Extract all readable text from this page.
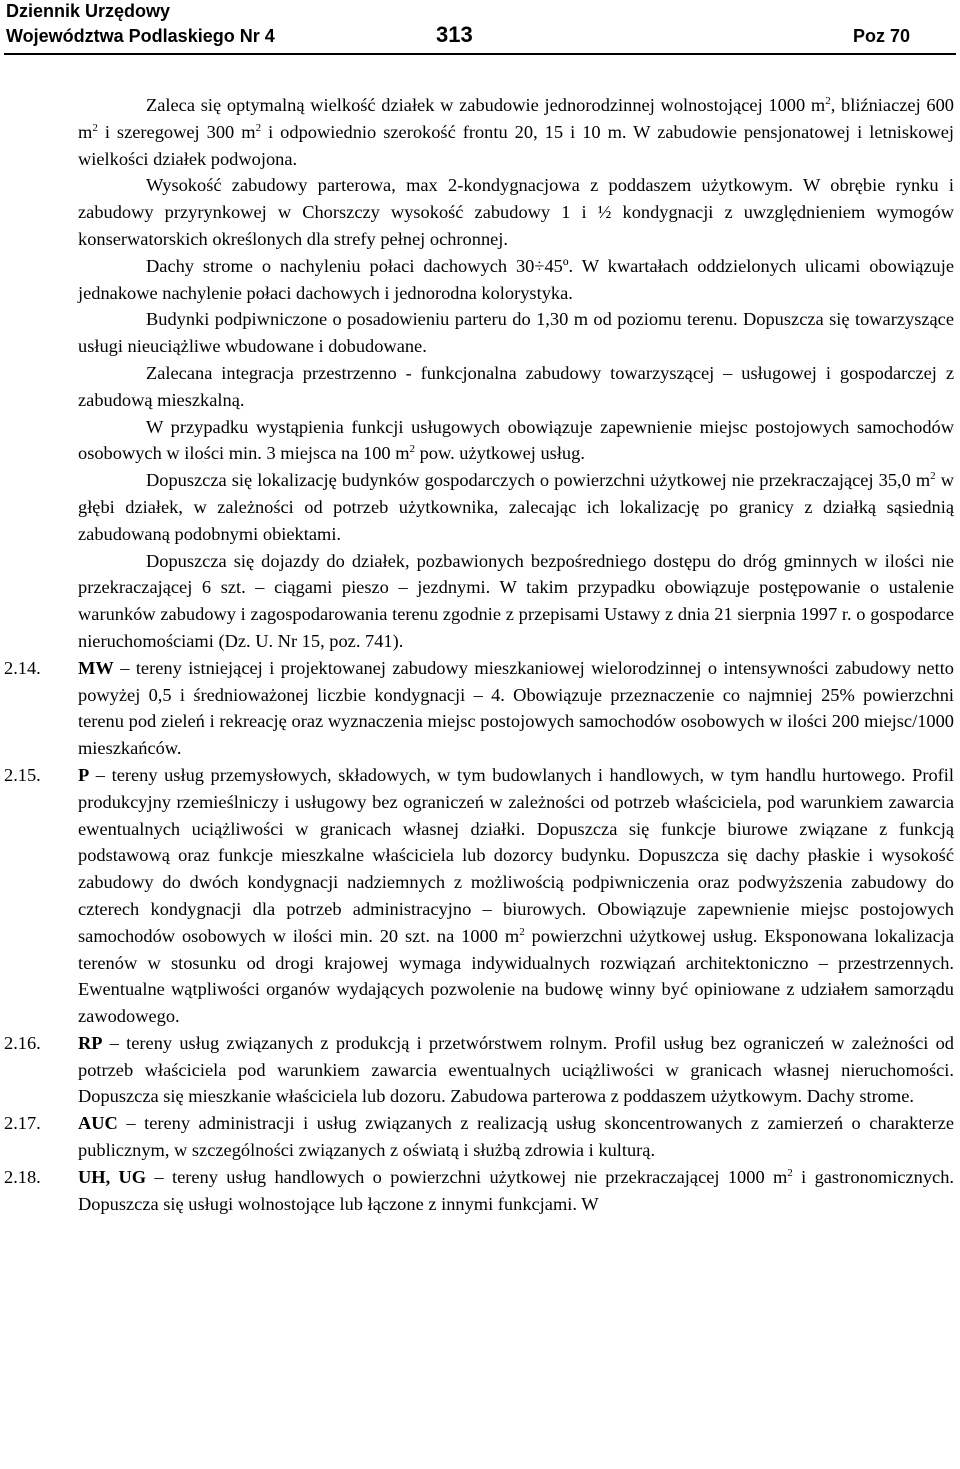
Dziennik Urzędowy
Województwa Podlaskiego Nr 4	313	Poz 70

Zaleca się optymalną wielkość działek w zabudowie jednorodzinnej wolnostojącej 1000 $m^2$, bliźniaczej 600 $m^2$ i szeregowej 300 $m^2$ i odpowiednio szerokość frontu 20, 15 i 10 m. W zabudowie pensjonatowej i letniskowej wielkości działek podwojona.

Wysokość zabudowy parterowa, max 2-kondygnacjowa z poddaszem użytkowym. W obrębie rynku i zabudowy przyrynkowej w Chorszczy wysokość zabudowy 1 i ½ kondygnacji z uwzględnieniem wymogów konserwatorskich określonych dla strefy pełnej ochronnej.

Dachy strome o nachyleniu połaci dachowych 30÷45º. W kwartałach oddzielonych ulicami obowiązuje jednakowe nachylenie połaci dachowych i jednorodna kolorystyka.

Budynki podpiwniczone o posadowieniu parteru do 1,30 m od poziomu terenu. Dopuszcza się towarzyszące usługi nieuciążliwe wbudowane i dobudowane.

Zalecana integracja przestrzenno - funkcjonalna zabudowy towarzyszącej – usługowej i gospodarczej z zabudową mieszkalną.

W przypadku wystąpienia funkcji usługowych obowiązuje zapewnienie miejsc postojowych samochodów osobowych w ilości min. 3 miejsca na 100 $m^2$ pow. użytkowej usług.

Dopuszcza się lokalizację budynków gospodarczych o powierzchni użytkowej nie przekraczającej 35,0 $m^2$ w głębi działek, w zależności od potrzeb użytkownika, zalecając ich lokalizację po granicy z działką sąsiednią zabudowaną podobnymi obiektami.

Dopuszcza się dojazdy do działek, pozbawionych bezpośredniego dostępu do dróg gminnych w ilości nie przekraczającej 6 szt. – ciągami pieszo – jezdnymi. W takim przypadku obowiązuje postępowanie o ustalenie warunków zabudowy i zagospodarowania terenu zgodnie z przepisami Ustawy z dnia 21 sierpnia 1997 r. o gospodarce nieruchomościami (Dz. U. Nr 15, poz. 741).

2.14. MW – tereny istniejącej i projektowanej zabudowy mieszkaniowej wielorodzinnej o intensywności zabudowy netto powyżej 0,5 i średnioważonej liczbie kondygnacji – 4. Obowiązuje przeznaczenie co najmniej 25% powierzchni terenu pod zieleń i rekreację oraz wyznaczenia miejsc postojowych samochodów osobowych w ilości 200 miejsc/1000 mieszkańców.
2.15. P – tereny usług przemysłowych, składowych, w tym budowlanych i handlowych, w tym handlu hurtowego. Profil produkcyjny rzemieślniczy i usługowy bez ograniczeń w zależności od potrzeb właściciela, pod warunkiem zawarcia ewentualnych uciążliwości w granicach własnej działki. Dopuszcza się funkcje biurowe związane z funkcją podstawową oraz funkcje mieszkalne właściciela lub dozorcy budynku. Dopuszcza się dachy płaskie i wysokość zabudowy do dwóch kondygnacji nadziemnych z możliwością podpiwniczenia oraz podwyższenia zabudowy do czterech kondygnacji dla potrzeb administracyjno – biurowych. Obowiązuje zapewnienie miejsc postojowych samochodów osobowych w ilości min. 20 szt. na 1000 $m^2$ powierzchni użytkowej usług. Eksponowana lokalizacja terenów w stosunku od drogi krajowej wymaga indywidualnych rozwiązań architektoniczno – przestrzennych. Ewentualne wątpliwości organów wydających pozwolenie na budowę winny być opiniowane z udziałem samorządu zawodowego.
2.16. RP – tereny usług związanych z produkcją i przetwórstwem rolnym. Profil usług bez ograniczeń w zależności od potrzeb właściciela pod warunkiem zawarcia ewentualnych uciążliwości w granicach własnej nieruchomości. Dopuszcza się mieszkanie właściciela lub dozoru. Zabudowa parterowa z poddaszem użytkowym. Dachy strome.
2.17. AUC – tereny administracji i usług związanych z realizacją usług skoncentrowanych z zamierzeń o charakterze publicznym, w szczególności związanych z oświatą i służbą zdrowia i kulturą.
2.18. UH, UG – tereny usług handlowych o powierzchni użytkowej nie przekraczającej 1000 $m^2$ i gastronomicznych. Dopuszcza się usługi wolnostojące lub łączone z innymi funkcjami. W
